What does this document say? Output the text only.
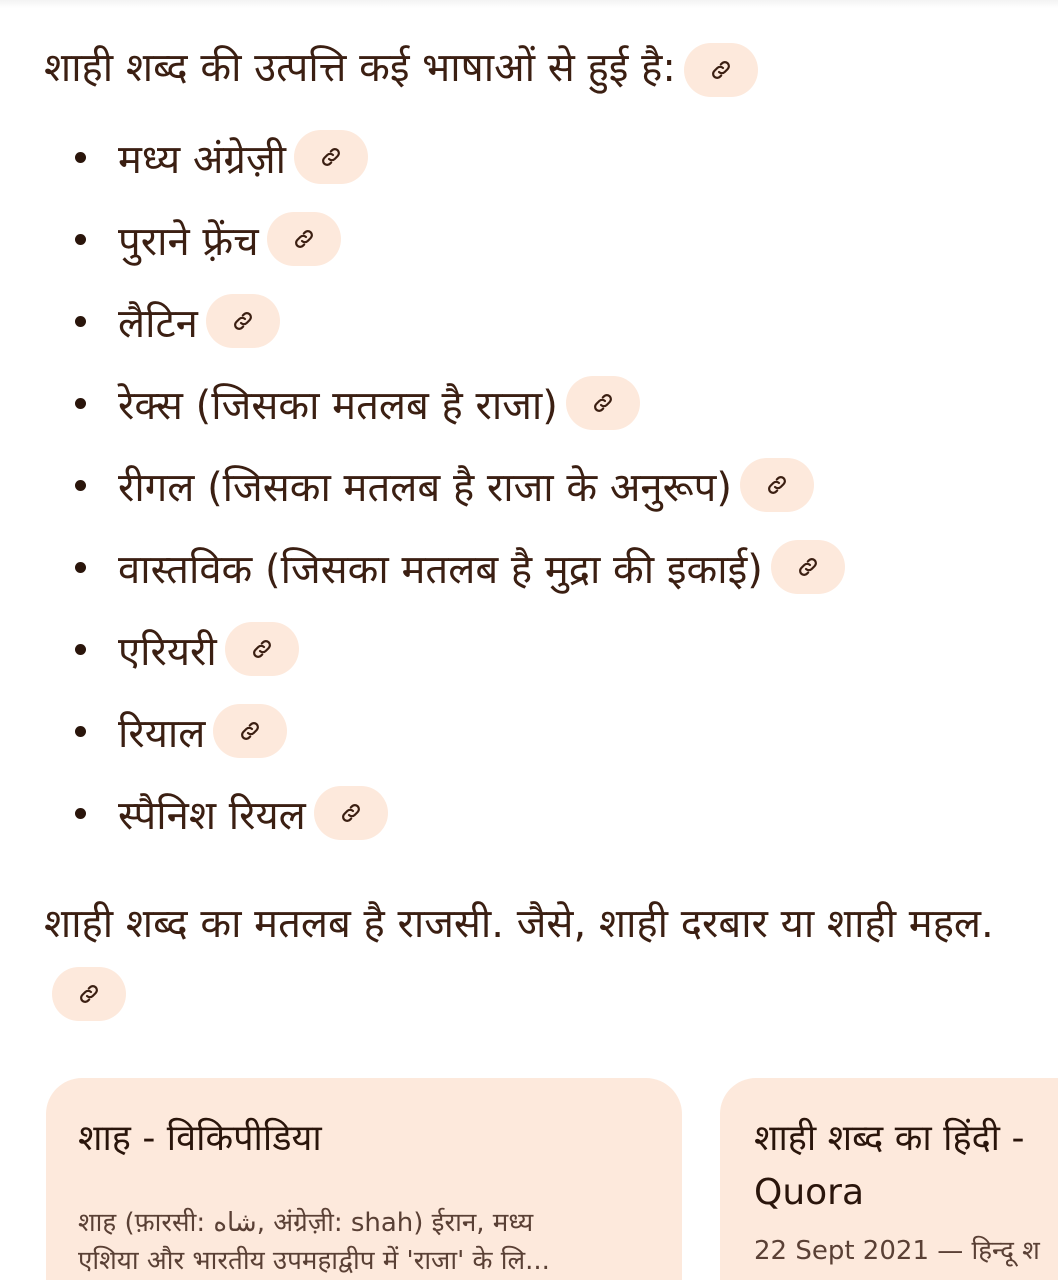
शाही शब्द की उत्पत्ति कई भाषाओं से हुई है:

मध्य अंग्रेज़ी
पुराने फ़्रेंच
लैटिन
रेक्स (जिसका मतलब है राजा)
रीगल (जिसका मतलब है राजा के अनुरूप)
वास्तविक (जिसका मतलब है मुद्रा की इकाई)
एरियरी
रियाल
स्पैनिश रियल

शाही शब्द का मतलब है राजसी. जैसे, शाही दरबार या शाही महल.

शाह - विकिपीडिया
शाह (फ़ारसी: شاه, अंग्रेज़ी: shah) ईरान, मध्य
एशिया और भारतीय उपमहाद्वीप में 'राजा' के लि...
शाही शब्द का हिंदी -
Quora
22 Sept 2021 — हिन्दू श
